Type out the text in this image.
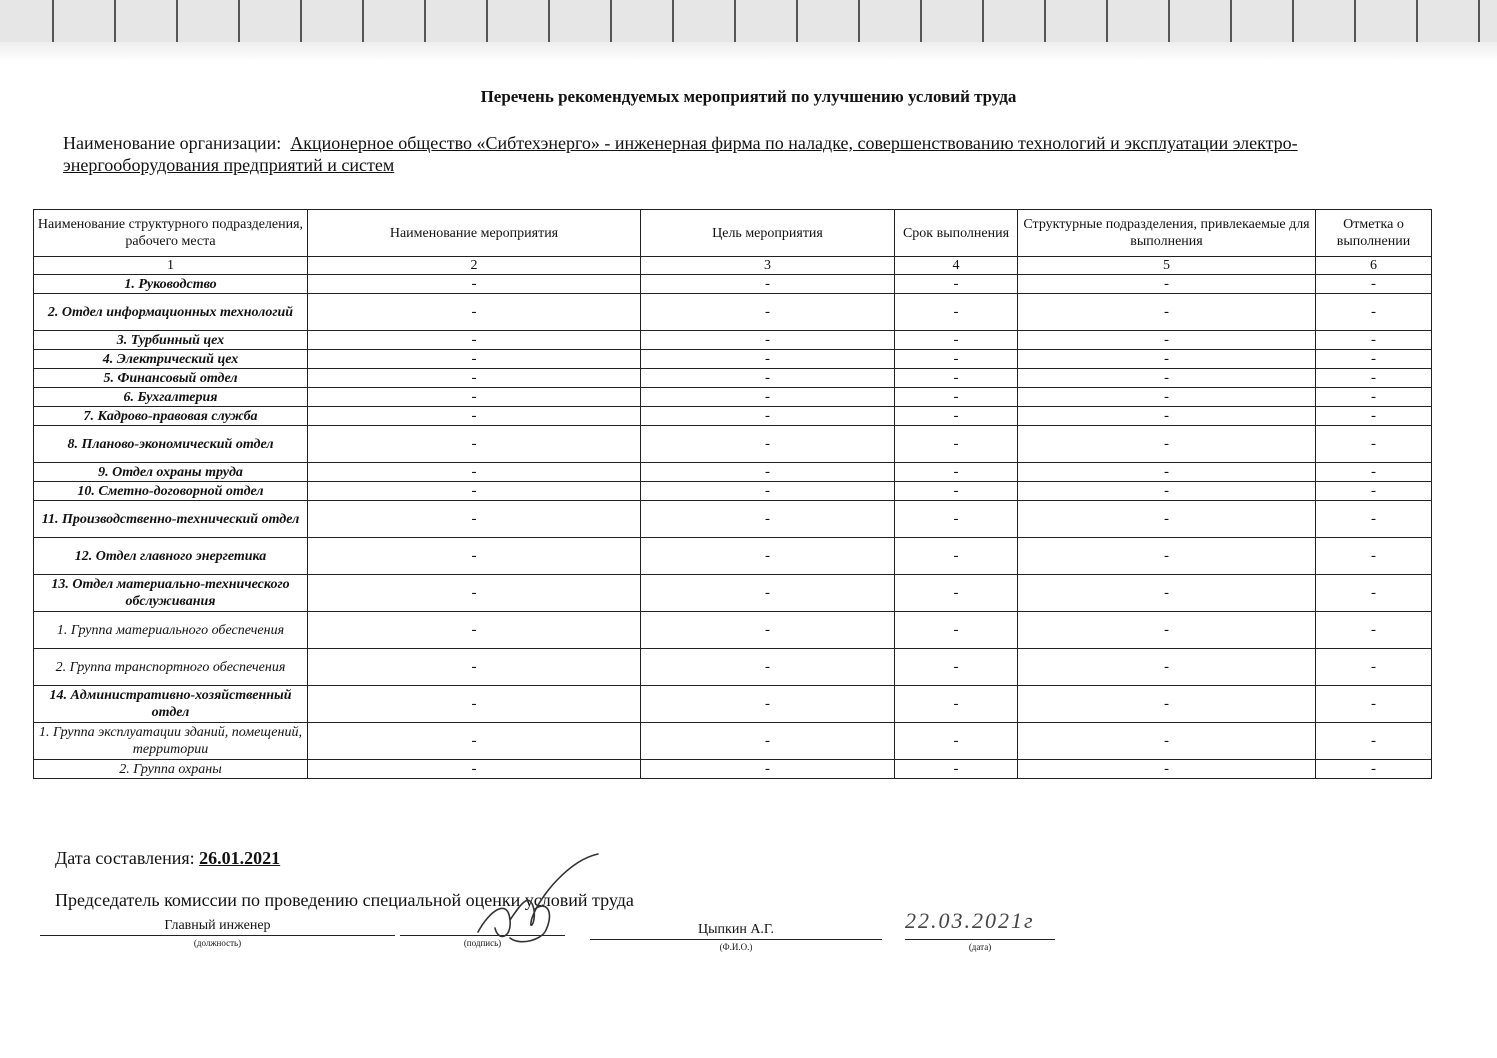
Перечень рекомендуемых мероприятий по улучшению условий труда
Наименование организации: Акционерное общество «Сибтехэнерго» - инженерная фирма по наладке, совершенствованию технологий и эксплуатации электро-энергооборудования предприятий и систем
Наименование структурного подразделения, рабочего места	Наименование мероприятия	Цель мероприятия	Срок выполнения	Структурные подразделения, привлекаемые для выполнения	Отметка о выполнении
1	2	3	4	5	6
1. Руководство	-	-	-	-	-
2. Отдел информационных технологий	-	-	-	-	-
3. Турбинный цех	-	-	-	-	-
4. Электрический цех	-	-	-	-	-
5. Финансовый отдел	-	-	-	-	-
6. Бухгалтерия	-	-	-	-	-
7. Кадрово-правовая служба	-	-	-	-	-
8. Планово-экономический отдел	-	-	-	-	-
9. Отдел охраны труда	-	-	-	-	-
10. Сметно-договорной отдел	-	-	-	-	-
11. Производственно-технический отдел	-	-	-	-	-
12. Отдел главного энергетика	-	-	-	-	-
13. Отдел материально-технического обслуживания	-	-	-	-	-
1. Группа материального обеспечения	-	-	-	-	-
2. Группа транспортного обеспечения	-	-	-	-	-
14. Административно-хозяйственный отдел	-	-	-	-	-
1. Группа эксплуатации зданий, помещений, территории	-	-	-	-	-
2. Группа охраны	-	-	-	-	-
Дата составления: 26.01.2021
Председатель комиссии по проведению специальной оценки условий труда
Главный инженер
(должность)	(подпись)
Цыпкин А.Г.
(Ф.И.О.)	(дата)
22.03.2021г
